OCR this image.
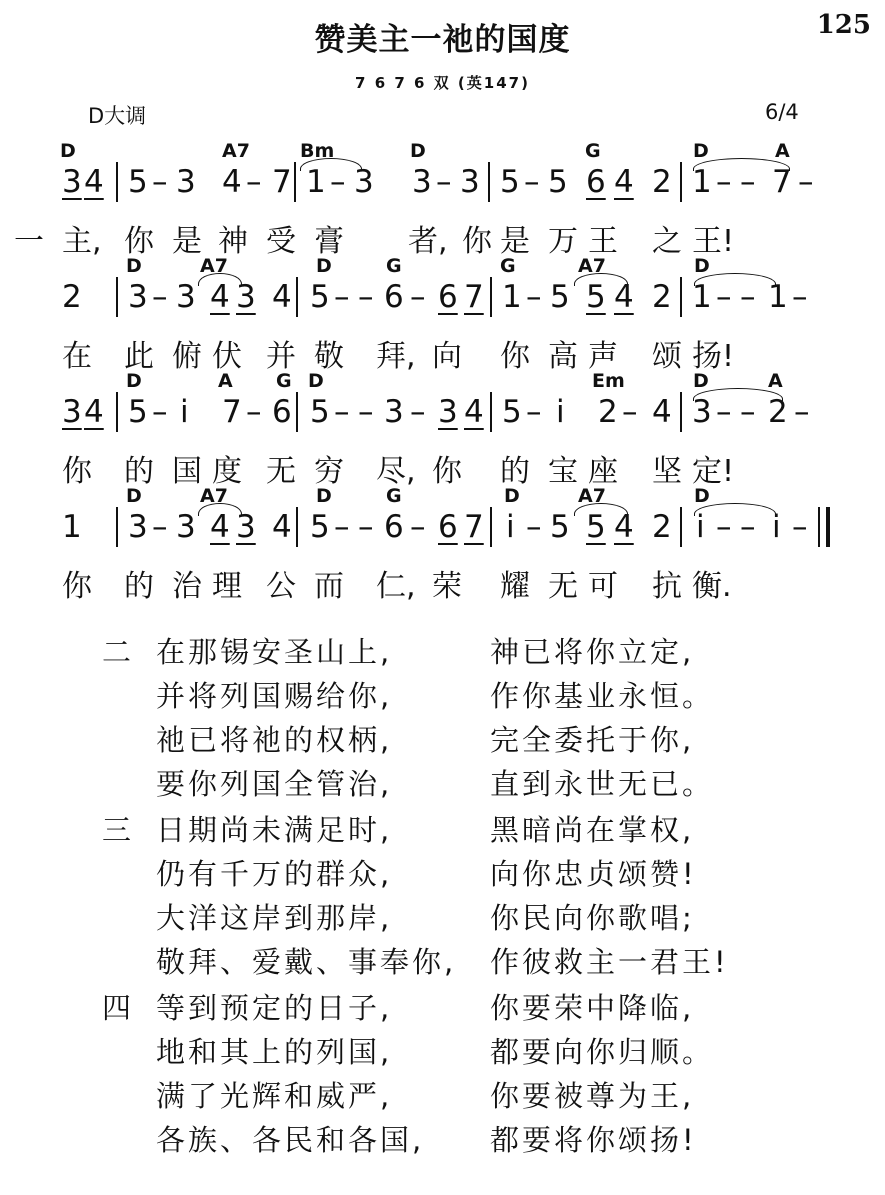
赞美主一祂的国度	125
7 6 7 6 双 (英147)
D大调	6/4
D	A7	Bm	D	G	D	A
3 4 5 – 3 4 – 7 1 – 3 3 – 3 5 – 5 6 4 2 1 – – 7 –
一 主, 你 是 神 受 膏 者, 你 是 万 王 之 王!
D	A7	D	G	G	A7	D
2 3 – 3 4 3 4 5 – – 6 – 6 7 1 – 5 5 4 2 1 – – 1 –
在 此 俯 伏 并 敬 拜, 向 你 高 声 颂 扬!
D	A G D	Em	D	A
3 4 5 – i 7 – 6 5 – – 3 – 3 4 5 – i 2 – 4 3 – – 2 –
你 的 国 度 无 穷 尽, 你 的 宝 座 坚 定!
D	A7	D	G	D	A7	D
1 3 – 3 4 3 4 5 – – 6 – 6 7 i – 5 5 4 2 i – – i –
你 的 治 理 公 而 仁, 荣 耀 无 可 抗 衡.
二 在那锡安圣山上,	神已将你立定,
并将列国赐给你,	作你基业永恒。
祂已将祂的权柄,	完全委托于你,
要你列国全管治,	直到永世无已。
三 日期尚未满足时,	黑暗尚在掌权,
仍有千万的群众,	向你忠贞颂赞!
大洋这岸到那岸,	你民向你歌唱;
敬拜、爱戴、事奉你, 作彼救主一君王!
四 等到预定的日子,	你要荣中降临,
地和其上的列国,	都要向你归顺。
满了光辉和威严,	你要被尊为王,
各族、各民和各国, 都要将你颂扬!
